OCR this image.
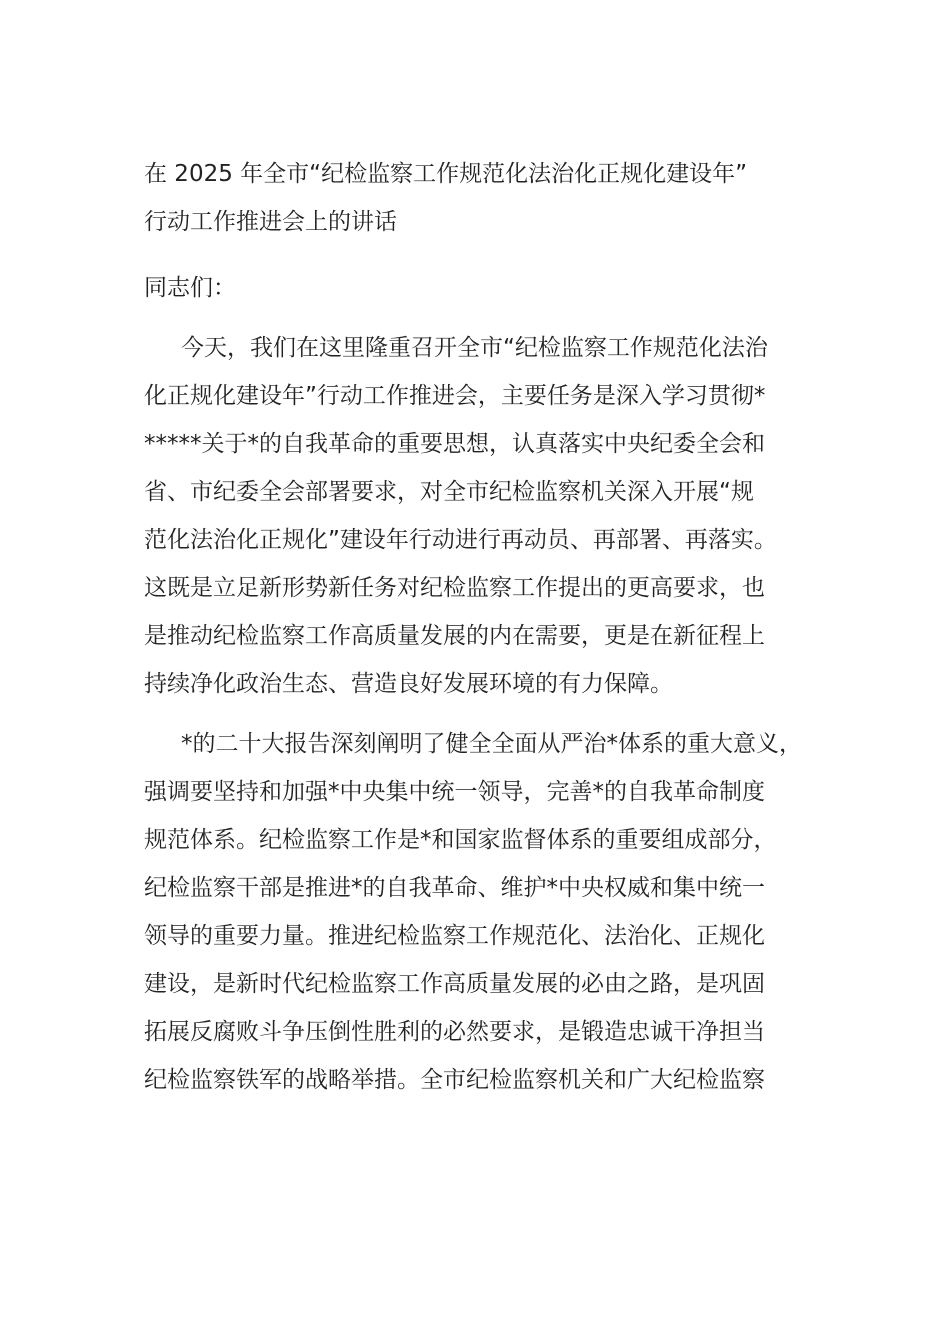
在 2025 年全市“纪检监察工作规范化法治化正规化建设年”
行动工作推进会上的讲话
同志们：
今天，我们在这里隆重召开全市“纪检监察工作规范化法治
化正规化建设年”行动工作推进会，主要任务是深入学习贯彻*
*****关于*的自我革命的重要思想，认真落实中央纪委全会和
省、市纪委全会部署要求，对全市纪检监察机关深入开展“规
范化法治化正规化”建设年行动进行再动员、再部署、再落实。
这既是立足新形势新任务对纪检监察工作提出的更高要求，也
是推动纪检监察工作高质量发展的内在需要，更是在新征程上
持续净化政治生态、营造良好发展环境的有力保障。
*的二十大报告深刻阐明了健全全面从严治*体系的重大意义，
强调要坚持和加强*中央集中统一领导，完善*的自我革命制度
规范体系。纪检监察工作是*和国家监督体系的重要组成部分，
纪检监察干部是推进*的自我革命、维护*中央权威和集中统一
领导的重要力量。推进纪检监察工作规范化、法治化、正规化
建设，是新时代纪检监察工作高质量发展的必由之路，是巩固
拓展反腐败斗争压倒性胜利的必然要求，是锻造忠诚干净担当
纪检监察铁军的战略举措。全市纪检监察机关和广大纪检监察
